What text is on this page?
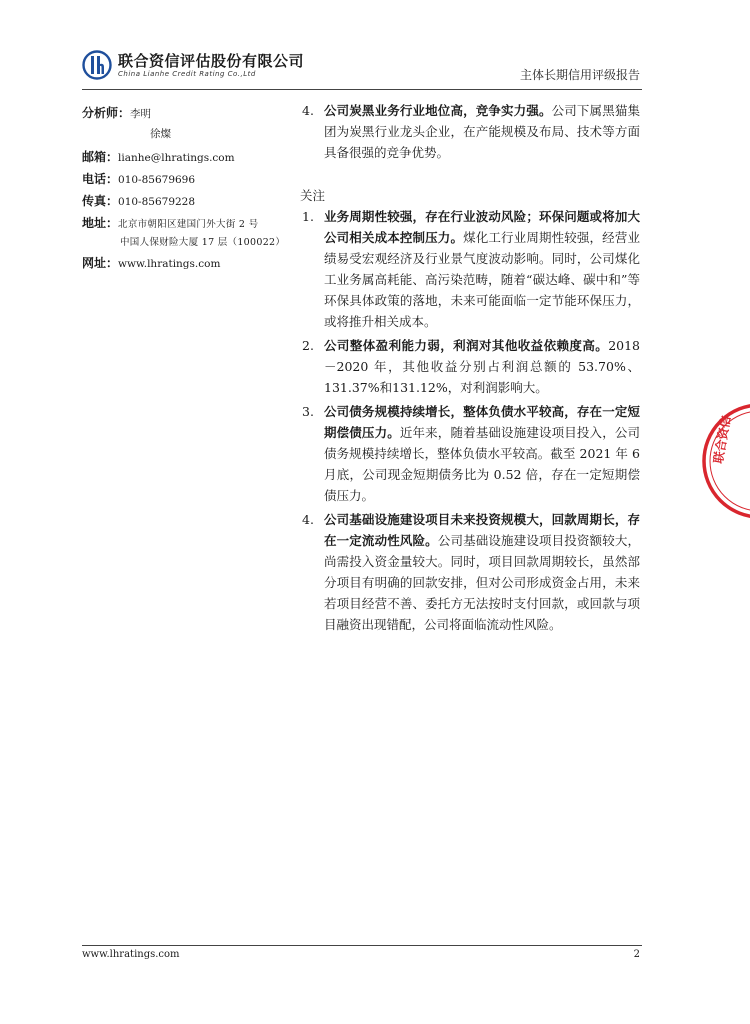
联合资信评估股份有限公司
China Lianhe Credit Rating Co.,Ltd	主体长期信用评级报告
分析师：李明
徐燦
邮箱：lianhe@lhratings.com
电话：010-85679696
传真：010-85679228
地址：北京市朝阳区建国门外大街 2 号
中国人保财险大厦 17 层（100022）
网址：www.lhratings.com
4. 公司炭黑业务行业地位高，竞争实力强。公司下属黑猫集团为炭黑行业龙头企业，在产能规模及布局、技术等方面具备很强的竞争优势。
关注
1. 业务周期性较强，存在行业波动风险；环保问题或将加大公司相关成本控制压力。煤化工行业周期性较强，经营业绩易受宏观经济及行业景气度波动影响。同时，公司煤化工业务属高耗能、高污染范畴，随着“碳达峰、碳中和”等环保具体政策的落地，未来可能面临一定节能环保压力，或将推升相关成本。
2. 公司整体盈利能力弱，利润对其他收益依赖度高。2018－2020 年，其他收益分别占利润总额的 53.70%、131.37%和131.12%，对利润影响大。
3. 公司债务规模持续增长，整体负债水平较高，存在一定短期偿债压力。近年来，随着基础设施建设项目投入，公司债务规模持续增长，整体负债水平较高。截至 2021 年 6 月底，公司现金短期债务比为 0.52 倍，存在一定短期偿债压力。
4. 公司基础设施建设项目未来投资规模大，回款周期长，存在一定流动性风险。公司基础设施建设项目投资额较大，尚需投入资金量较大。同时，项目回款周期较长，虽然部分项目有明确的回款安排，但对公司形成资金占用，未来若项目经营不善、委托方无法按时支付回款，或回款与项目融资出现错配，公司将面临流动性风险。
联合资信
www.lhratings.com	2
